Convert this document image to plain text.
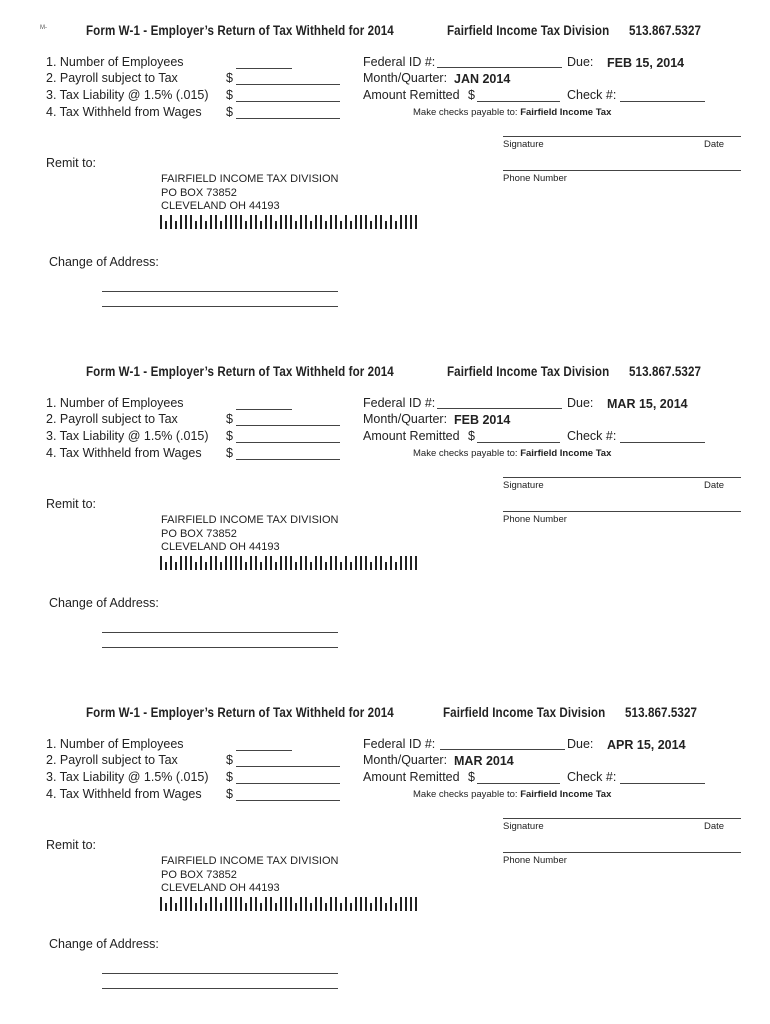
M-	Form W-1 - Employer’s Return of Tax Withheld for 2014	Fairfield Income Tax Division 513.867.5327
1. Number of Employees
2. Payroll subject to Tax	$
3. Tax Liability @ 1.5% (.015) $
4. Tax Withheld from Wages $
Federal ID #:	Due: FEB 15, 2014
Month/Quarter: JAN 2014
Amount Remitted $	Check #:
Make checks payable to: Fairfield Income Tax
Signature	Date
Phone Number
Remit to:
FAIRFIELD INCOME TAX DIVISION
PO BOX 73852
CLEVELAND OH 44193
Change of Address:
Form W-1 - Employer’s Return of Tax Withheld for 2014	Fairfield Income Tax Division 513.867.5327
1. Number of Employees
2. Payroll subject to Tax	$
3. Tax Liability @ 1.5% (.015) $
4. Tax Withheld from Wages $
Federal ID #:	Due: MAR 15, 2014
Month/Quarter: FEB 2014
Amount Remitted $	Check #:
Make checks payable to: Fairfield Income Tax
Signature	Date
Phone Number
Remit to:
FAIRFIELD INCOME TAX DIVISION
PO BOX 73852
CLEVELAND OH 44193
Change of Address:
Form W-1 - Employer’s Return of Tax Withheld for 2014	Fairfield Income Tax Division 513.867.5327
1. Number of Employees
2. Payroll subject to Tax	$
3. Tax Liability @ 1.5% (.015) $
4. Tax Withheld from Wages $
Federal ID #:	Due: APR 15, 2014
Month/Quarter: MAR 2014
Amount Remitted $	Check #:
Make checks payable to: Fairfield Income Tax
Signature	Date
Phone Number
Remit to:
FAIRFIELD INCOME TAX DIVISION
PO BOX 73852
CLEVELAND OH 44193
Change of Address:
